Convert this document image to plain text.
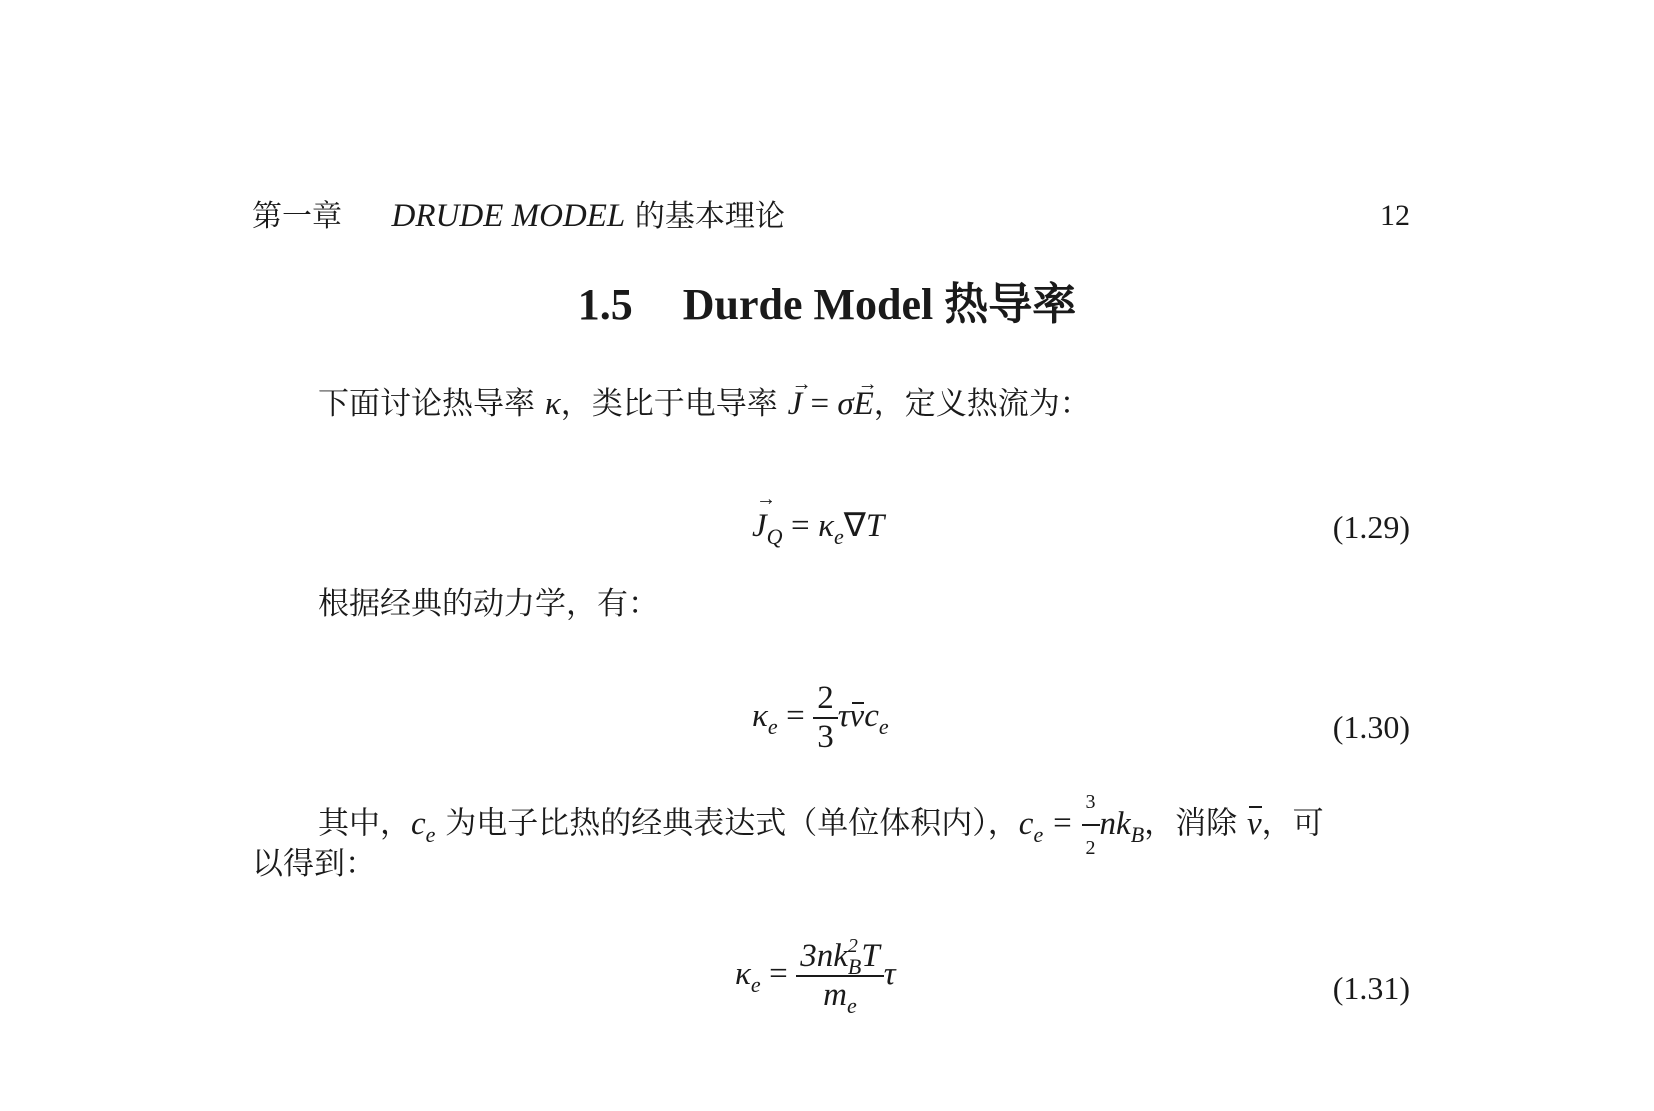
第一章 DRUDE MODEL 的基本理论	12
1.5 Durde Model 热导率
下面讨论热导率 κ，类比于电导率 → J = σ→ E，定义热流为：
→ $J_Q = \kappa_e\nabla T$	(1.29)
根据经典的动力学，有：
$\kappa_e = \frac{2}{3} \tau vc_e$	(1.30)
其中，$c_e$ 为电子比热的经典表达式（单位体积内），$c_e = \frac{3}{2} nk_B$，消除 v，可
以得到：
$\kappa_e = \frac{3nk^2_BT}{m_e}$ τ	(1.31)
